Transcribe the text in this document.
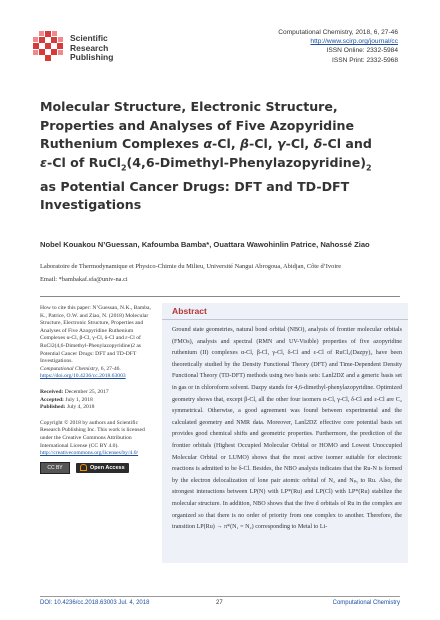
Scientific
Research
Publishing
Computational Chemistry, 2018, 6, 27-46
http://www.scirp.org/journal/cc
ISSN Online: 2332-5984
ISSN Print: 2332-5968
Molecular Structure, Electronic Structure,
Properties and Analyses of Five Azopyridine
Ruthenium Complexes α-Cl, β-Cl, γ-Cl, δ-Cl and
ε-Cl of $RuCl_2(4,6-Dimethyl-Phenylazopyridine)_2$
as Potential Cancer Drugs: DFT and TD-DFT
Investigations
Nobel Kouakou N’Guessan, Kafoumba Bamba*, Ouattara Wawohinlin Patrice, Nahossé Ziao
Laboratoire de Thermodynamique et Physico-Chimie du Milieu, Université Nangui Abrogoua, Abidjan, Côte d’Ivoire
Email: *bambakaf.sfa@univ-na.ci

How to cite this paper: N’Guessan, N.K., Bamba, K., Patrice, O.W. and Ziao, N. (2018) Molecular Structure, Electronic Structure, Properties and Analyses of Five Azopyridine Ruthenium Complexes α-Cl, β-Cl, γ-Cl, δ-Cl and ε-Cl of RuCl2(4,6-Dimethyl-Phenylazopyridine)2 as Potential Cancer Drugs: DFT and TD-DFT Investigations.

Computational Chemistry, 6, 27-46.

https://doi.org/10.4236/cc.2018.63003

Received: December 25, 2017

Accepted: July 1, 2018

Published: July 4, 2018

Copyright © 2018 by authors and Scientific Research Publishing Inc. This work is licensed under the Creative Commons Attribution International License (CC BY 4.0).

http://creativecommons.org/licenses/by/4.0/

CC BY	Open Access
Abstract
Ground state geometries, natural bond orbital (NBO), analysis of frontier molecular orbitals (FMOs), analysis and spectral (RMN and UV-Visible) properties of five azopyridine ruthenium (II) complexes α-Cl, β-Cl, γ-Cl, δ-Cl and ε-Cl of RuCl₂(Dazpy)₂ have been theoretically studied by the Density Functional Theory (DFT) and Time-Dependent Density Functional Theory (TD-DFT) methods using two basis sets: Lanl2DZ and a generic basis set in gas or in chloroform solvent. Dazpy stands for 4,6-dimethyl-phenylazopyridine. Optimized geometry shows that, except β-Cl, all the other four isomers α-Cl, γ-Cl, δ-Cl and ε-Cl are C₂ symmetrical. Otherwise, a good agreement was found between experimental and the calculated geometry and NMR data. Moreover, Lanl2DZ effective core potential basis set provides good chemical shifts and geometric properties. Furthermore, the prediction of the frontier orbitals (Highest Occupied Molecular Orbital or HOMO and Lowest Unoccupied Molecular Orbital or LUMO) shows that the most active isomer suitable for electronic reactions is admitted to be δ-Cl. Besides, the NBO analysis indicates that the Ru-N is formed by the electron delocalization of lone pair atomic orbital of N₂ and Nₚᵧ to Ru. Also, the strongest interactions between LP(N) with LP*(Ru) and LP(Cl) with LP*(Ru) stabilize the molecular structure. In addition, NBO shows that the five d orbitals of Ru in the complex are organized so that there is no order of priority from one complex to another. Therefore, the transition LP(Ru) → π*(N₁ = N₂) corresponding to Metal to Li-
DOI: 10.4236/cc.2018.63003 Jul. 4, 2018	27	Computational Chemistry
